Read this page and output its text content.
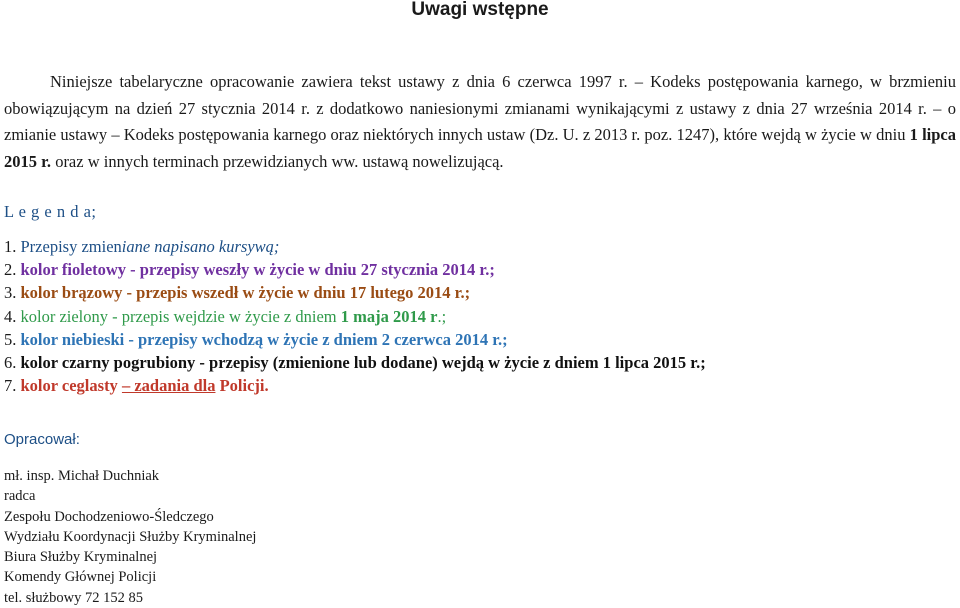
Uwagi wstępne

Niniejsze tabelaryczne opracowanie zawiera tekst ustawy z dnia 6 czerwca 1997 r. – Kodeks postępowania karnego, w brzmieniu obowiązującym na dzień 27 stycznia 2014 r. z dodatkowo naniesionymi zmianami wynikającymi z ustawy z dnia 27 września 2014 r. – o zmianie ustawy – Kodeks postępowania karnego oraz niektórych innych ustaw (Dz. U. z 2013 r. poz. 1247), które wejdą w życie w dniu 1 lipca 2015 r. oraz w innych terminach przewidzianych ww. ustawą nowelizującą.

L e g e n d a;
1. Przepisy zmieniane napisano kursywą;
2. kolor fioletowy - przepisy weszły w życie w dniu 27 stycznia 2014 r.;
3. kolor brązowy - przepis wszedł w życie w dniu 17 lutego 2014 r.;
4. kolor zielony - przepis wejdzie w życie z dniem 1 maja 2014 r.;
5. kolor niebieski - przepisy wchodzą w życie z dniem 2 czerwca 2014 r.;
6. kolor czarny pogrubiony - przepisy (zmienione lub dodane) wejdą w życie z dniem 1 lipca 2015 r.;
7. kolor ceglasty – zadania dla Policji.
Opracował:
mł. insp. Michał Duchniak
radca
Zespołu Dochodzeniowo-Śledczego
Wydziału Koordynacji Służby Kryminalnej
Biura Służby Kryminalnej
Komendy Głównej Policji
tel. służbowy 72 152 85
